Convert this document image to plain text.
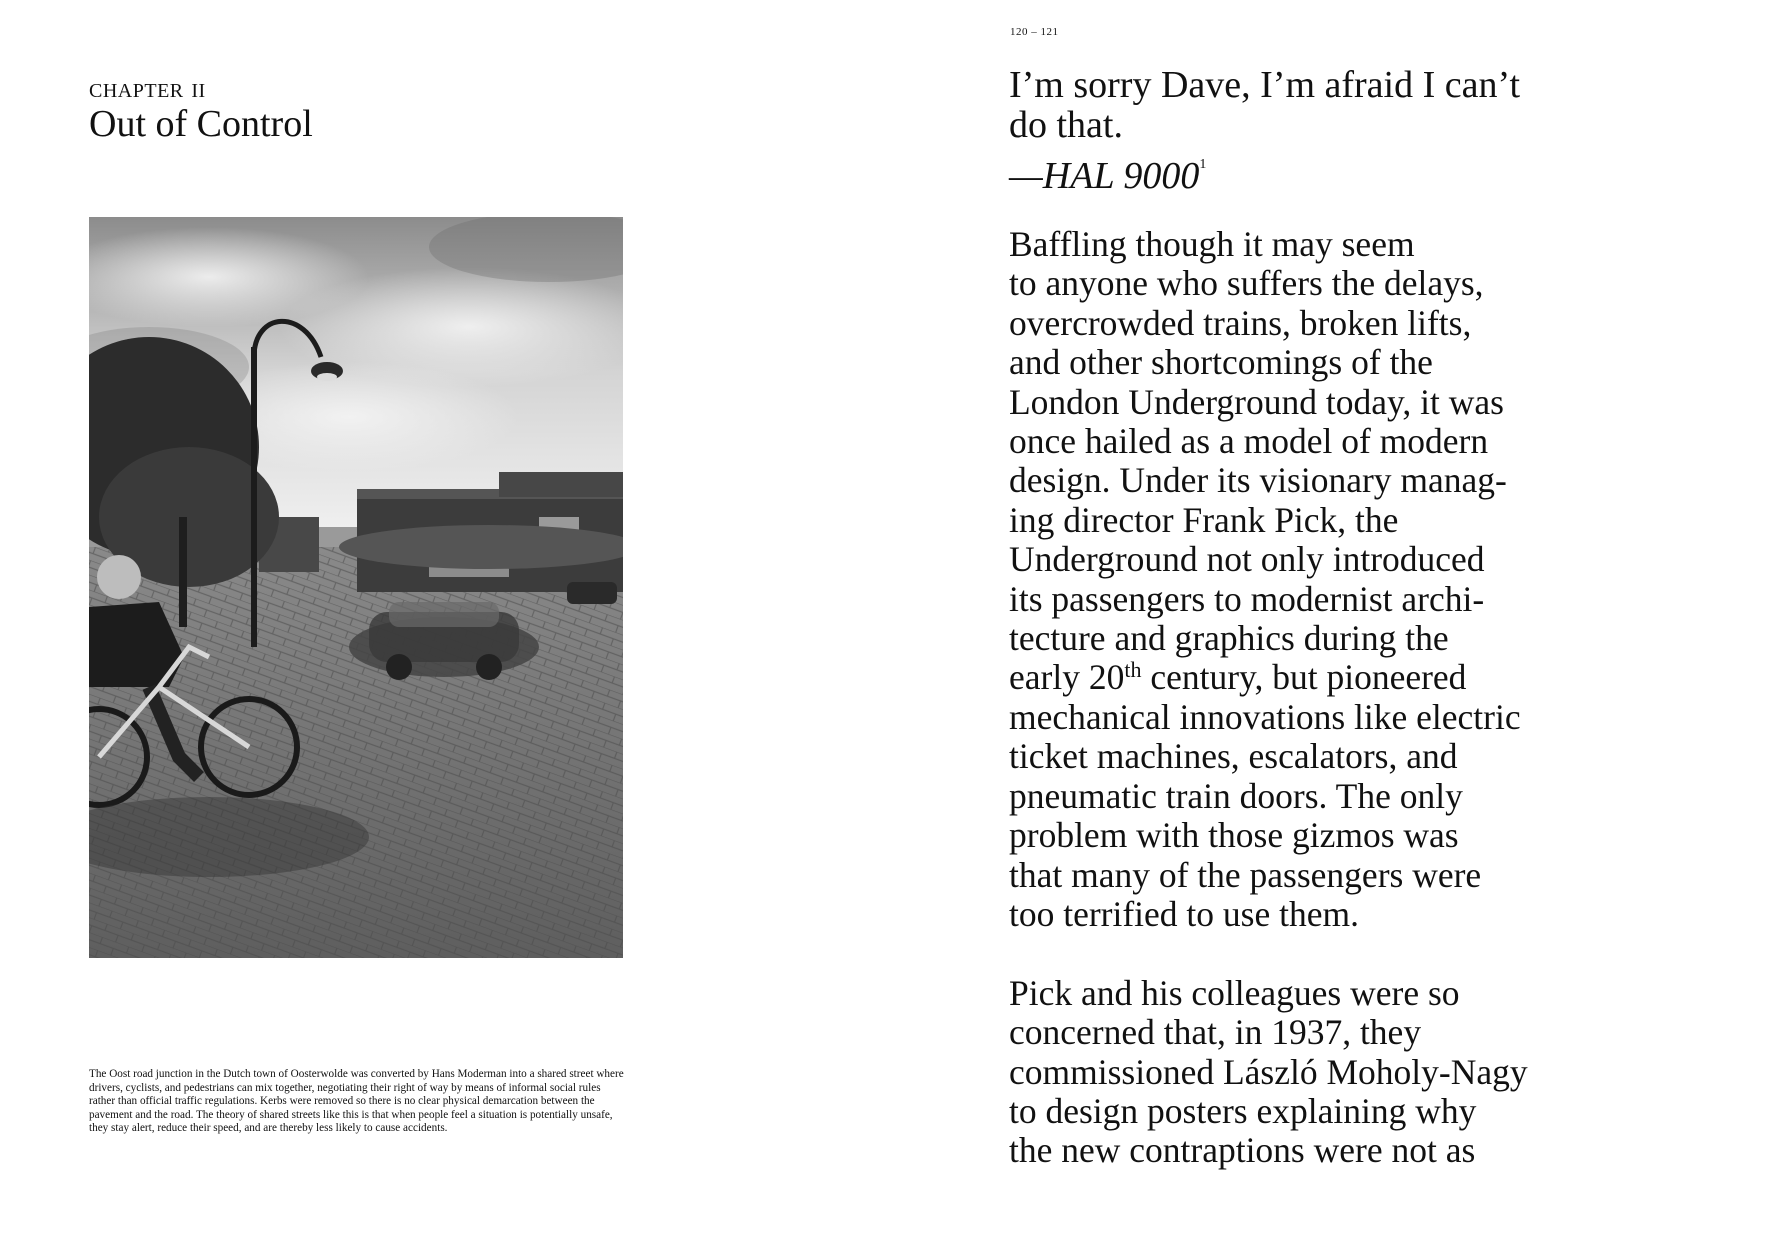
chapter ii
Out of Control
The Oost road junction in the Dutch town of Oosterwolde was converted by Hans Moderman into a shared street where drivers, cyclists, and pedestrians can mix together, negotiating their right of way by means of informal social rules rather than official traffic regulations. Kerbs were removed so there is no clear physical demarcation between the pavement and the road. The theory of shared streets like this is that when people feel a situation is potentially unsafe, they stay alert, reduce their speed, and are thereby less likely to cause accidents.
120 – 121
I’m sorry Dave, I’m afraid I can’t
do that.
—HAL 9000$^1$

Baffling though it may seem
to anyone who suffers the delays,
overcrowded trains, broken lifts,
and other shortcomings of the
London Underground today, it was
once hailed as a model of modern
design. Under its visionary manag-
ing director Frank Pick, the
Underground not only introduced
its passengers to modernist archi-
tecture and graphics during the
early 20th century, but pioneered
mechanical innovations like electric
ticket machines, escalators, and
pneumatic train doors. The only
problem with those gizmos was
that many of the passengers were
too terrified to use them.

Pick and his colleagues were so
concerned that, in 1937, they
commissioned László Moholy-Nagy
to design posters explaining why
the new contraptions were not as
